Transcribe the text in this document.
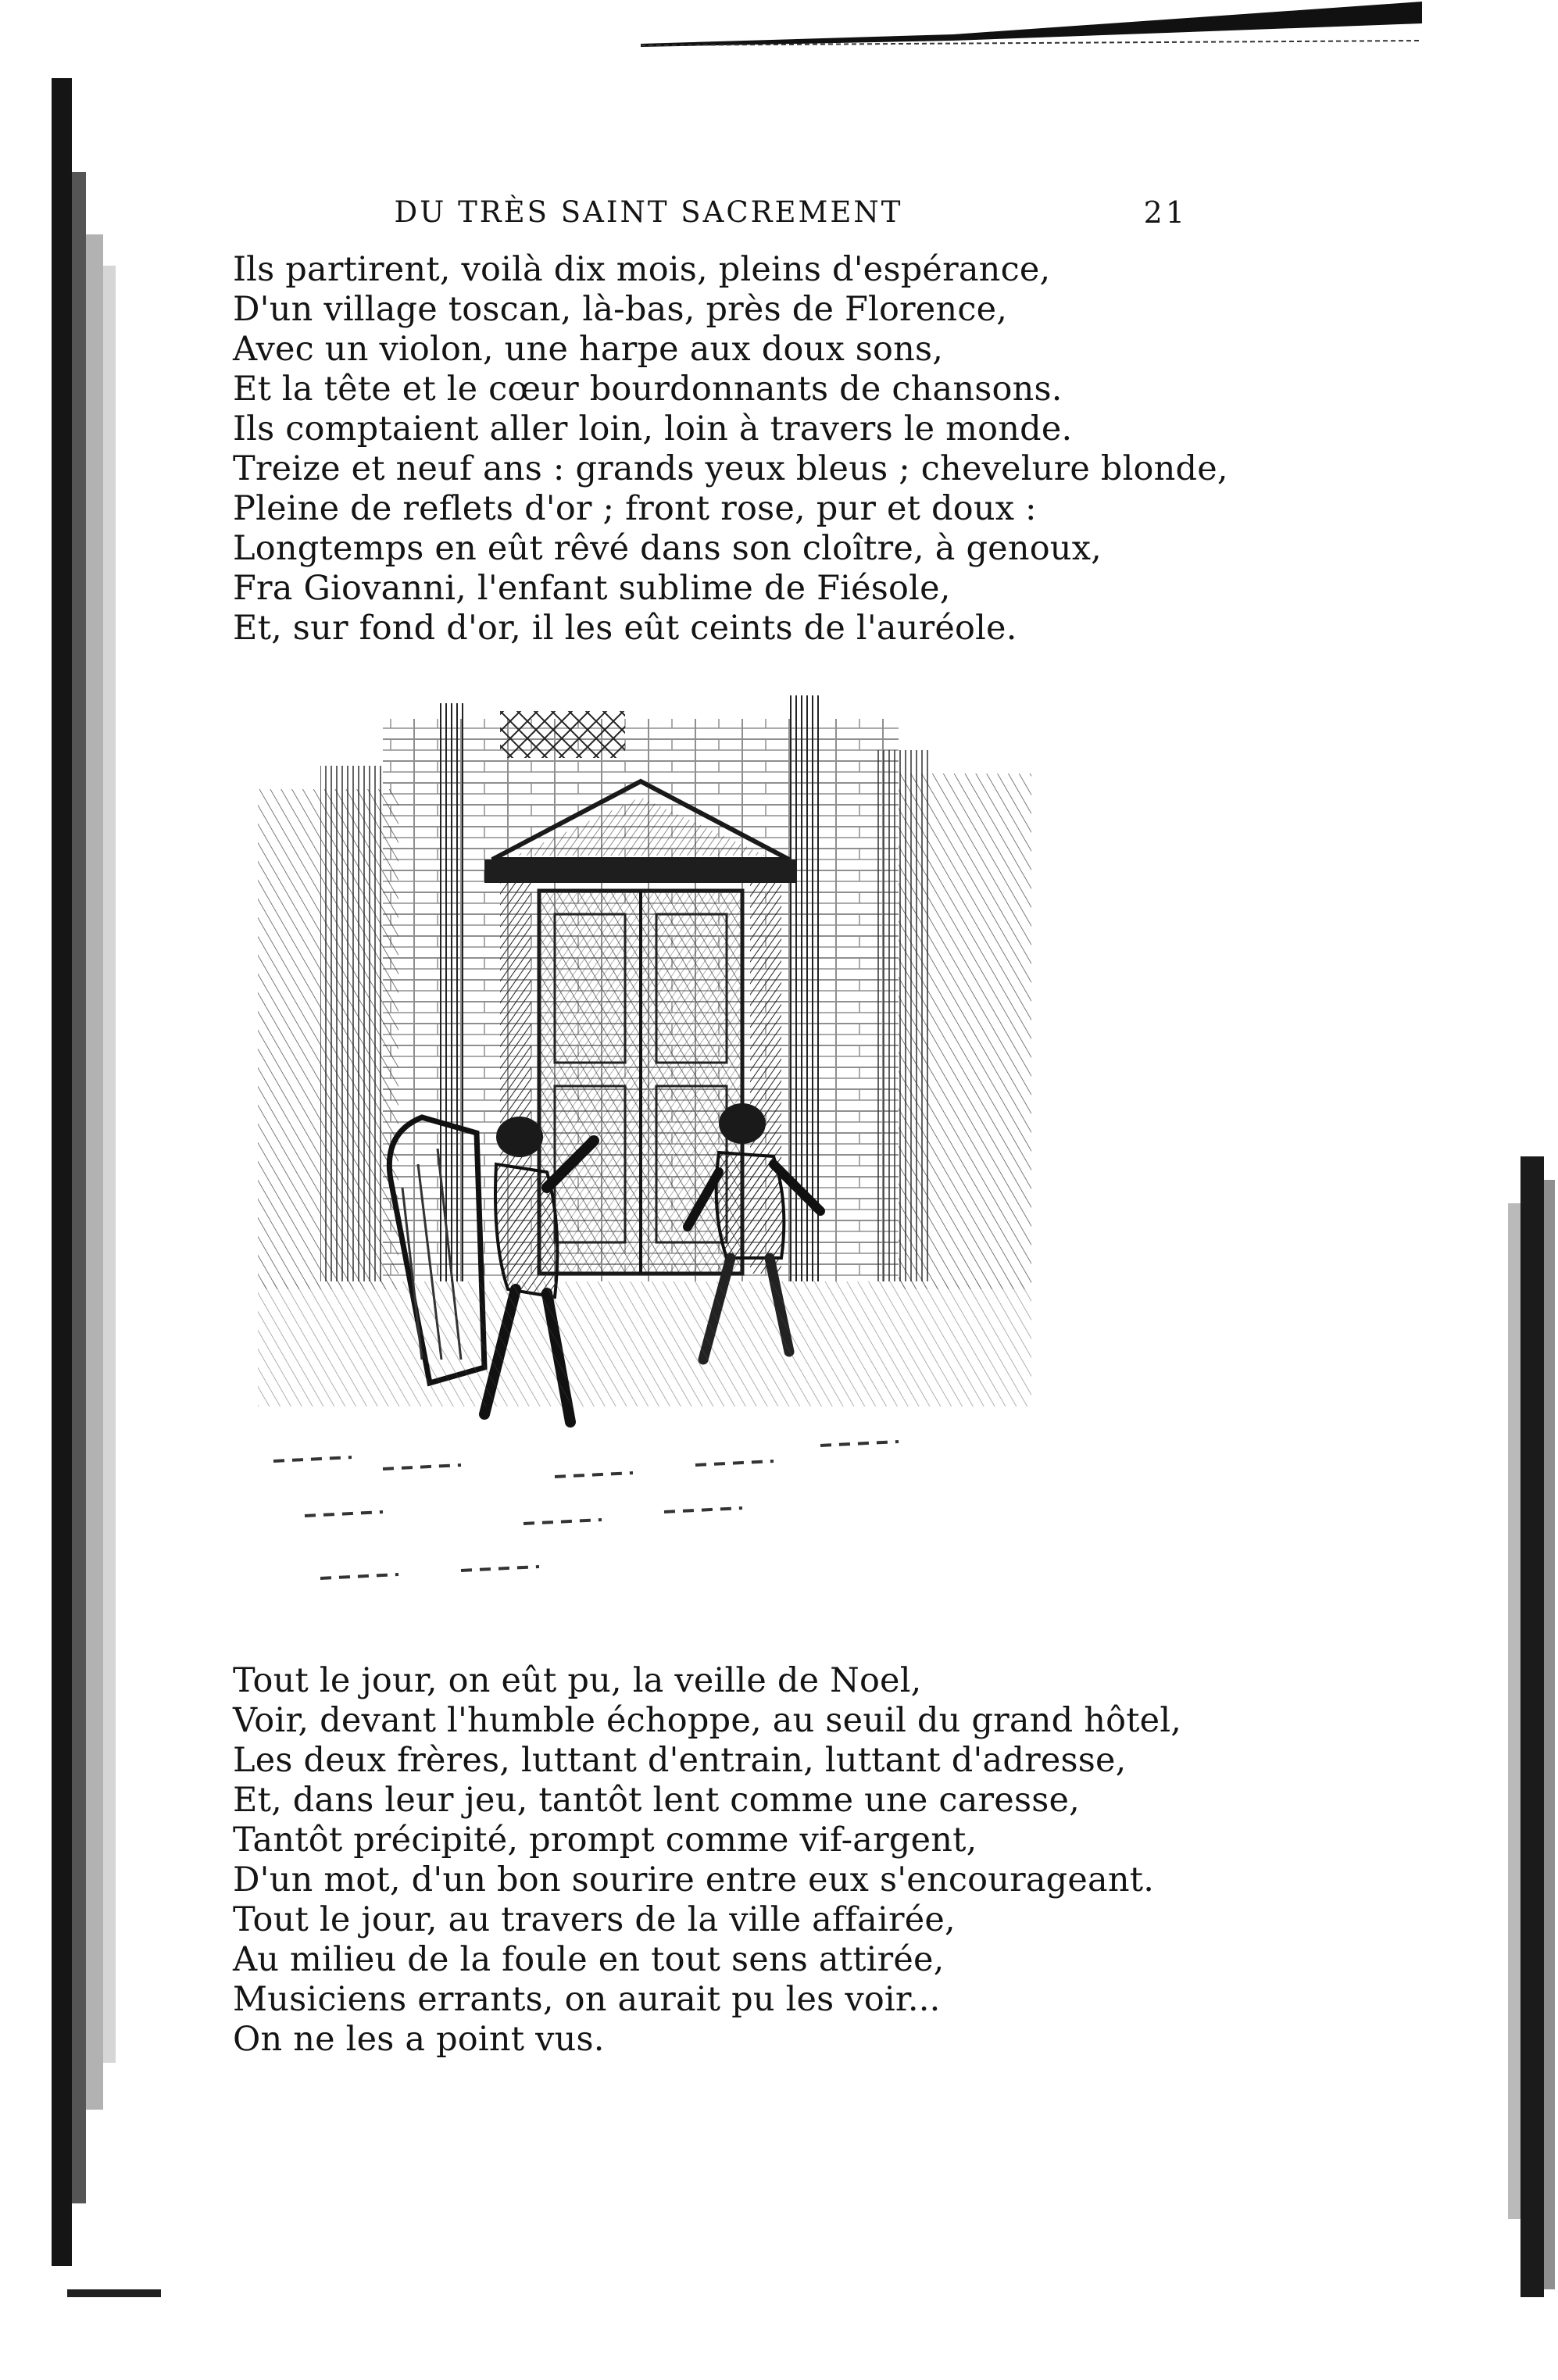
DU TRÈS SAINT SACREMENT	21
Ils partirent, voilà dix mois, pleins d'espérance,
D'un village toscan, là-bas, près de Florence,
Avec un violon, une harpe aux doux sons,
Et la tête et le cœur bourdonnants de chansons.
Ils comptaient aller loin, loin à travers le monde.
Treize et neuf ans : grands yeux bleus ; chevelure blonde,
Pleine de reflets d'or ; front rose, pur et doux :
Longtemps en eût rêvé dans son cloître, à genoux,
Fra Giovanni, l'enfant sublime de Fiésole,
Et, sur fond d'or, il les eût ceints de l'auréole.
Tout le jour, on eût pu, la veille de Noel,
Voir, devant l'humble échoppe, au seuil du grand hôtel,
Les deux frères, luttant d'entrain, luttant d'adresse,
Et, dans leur jeu, tantôt lent comme une caresse,
Tantôt précipité, prompt comme vif-argent,
D'un mot, d'un bon sourire entre eux s'encourageant.
Tout le jour, au travers de la ville affairée,
Au milieu de la foule en tout sens attirée,
Musiciens errants, on aurait pu les voir...
On ne les a point vus.
